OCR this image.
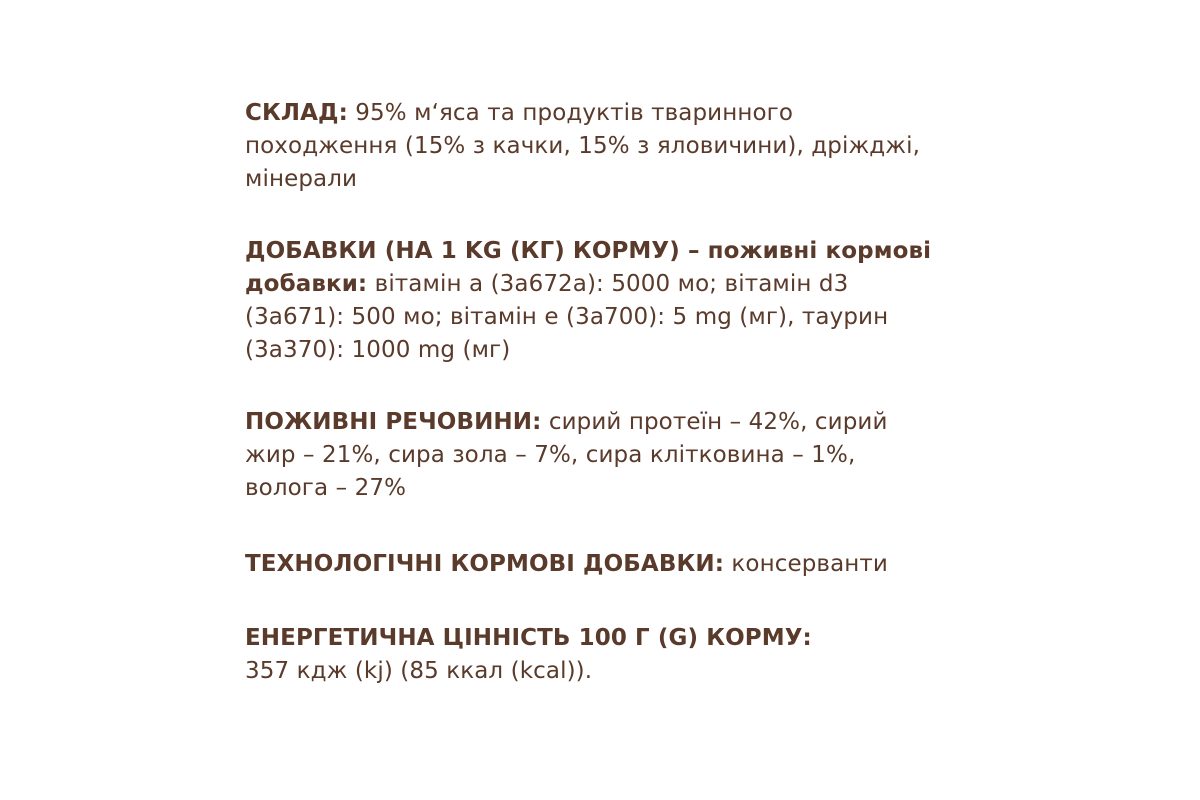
СКЛАД: 95% м‘яса та продуктів тваринного
походження (15% з качки, 15% з яловичини), дріжджі,
мінерали
ДОБАВКИ (НА 1 KG (КГ) КОРМУ) – поживні кормові
добавки: вітамін a (3a672a): 5000 мо; вітамін d3
(3a671): 500 мо; вітамін e (3a700): 5 mg (мг), таурин
(3a370): 1000 mg (мг)
ПОЖИВНІ РЕЧОВИНИ: сирий протеїн – 42%, сирий
жир – 21%, сира зола – 7%, сира клітковина – 1%,
волога – 27%
ТЕХНОЛОГІЧНІ КОРМОВІ ДОБАВКИ: консерванти
ЕНЕРГЕТИЧНА ЦІННІСТЬ 100 Г (G) КОРМУ:
357 кдж (kj) (85 ккал (kcal)).
